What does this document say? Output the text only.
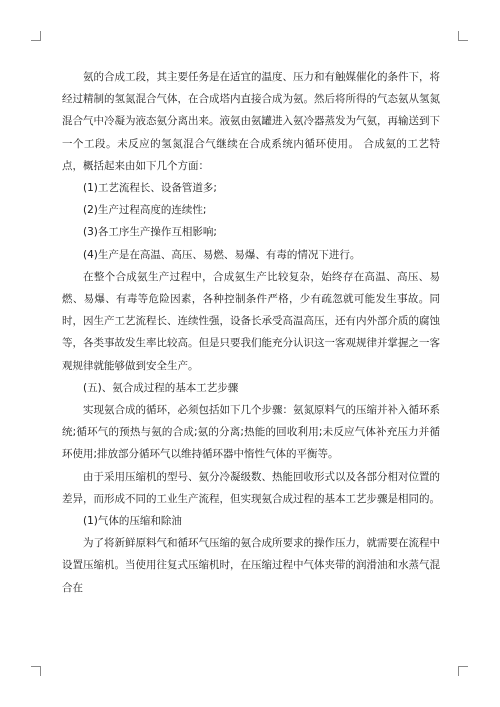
氨的合成工段，其主要任务是在适宜的温度、压力和有触媒催化的条件下，将经过精制的氢氮混合气体，在合成塔内直接合成为氨。然后将所得的气态氨从氢氮混合气中冷凝为液态氨分离出来。液氨由氨罐进入氨冷器蒸发为气氨，再输送到下一个工段。未反应的氢氮混合气继续在合成系统内循环使用。 合成氨的工艺特点，概括起来由如下几个方面：

(1)工艺流程长、设备管道多;

(2)生产过程高度的连续性;

(3)各工序生产操作互相影响;

(4)生产是在高温、高压、易燃、易爆、有毒的情况下进行。

在整个合成氨生产过程中，合成氨生产比较复杂，始终存在高温、高压、易燃、易爆、有毒等危险因素，各种控制条件严格，少有疏忽就可能发生事故。同时，因生产工艺流程长、连续性强，设备长承受高温高压，还有内外部介质的腐蚀等，各类事故发生率比较高。但是只要我们能充分认识这一客观规律并掌握之一客观规律就能够做到安全生产。

(五)、氨合成过程的基本工艺步骤

实现氨合成的循环，必须包括如下几个步骤：氨氮原料气的压缩并补入循环系统;循环气的预热与氨的合成;氨的分离;热能的回收利用;未反应气体补充压力并循环使用;排放部分循环气以维持循环器中惰性气体的平衡等。

由于采用压缩机的型号、氨分冷凝级数、热能回收形式以及各部分相对位置的差异，而形成不同的工业生产流程，但实现氨合成过程的基本工艺步骤是相同的。

(1)气体的压缩和除油

为了将新鲜原料气和循环气压缩的氨合成所要求的操作压力，就需要在流程中设置压缩机。当使用往复式压缩机时，在压缩过程中气体夹带的润滑油和水蒸气混合在
